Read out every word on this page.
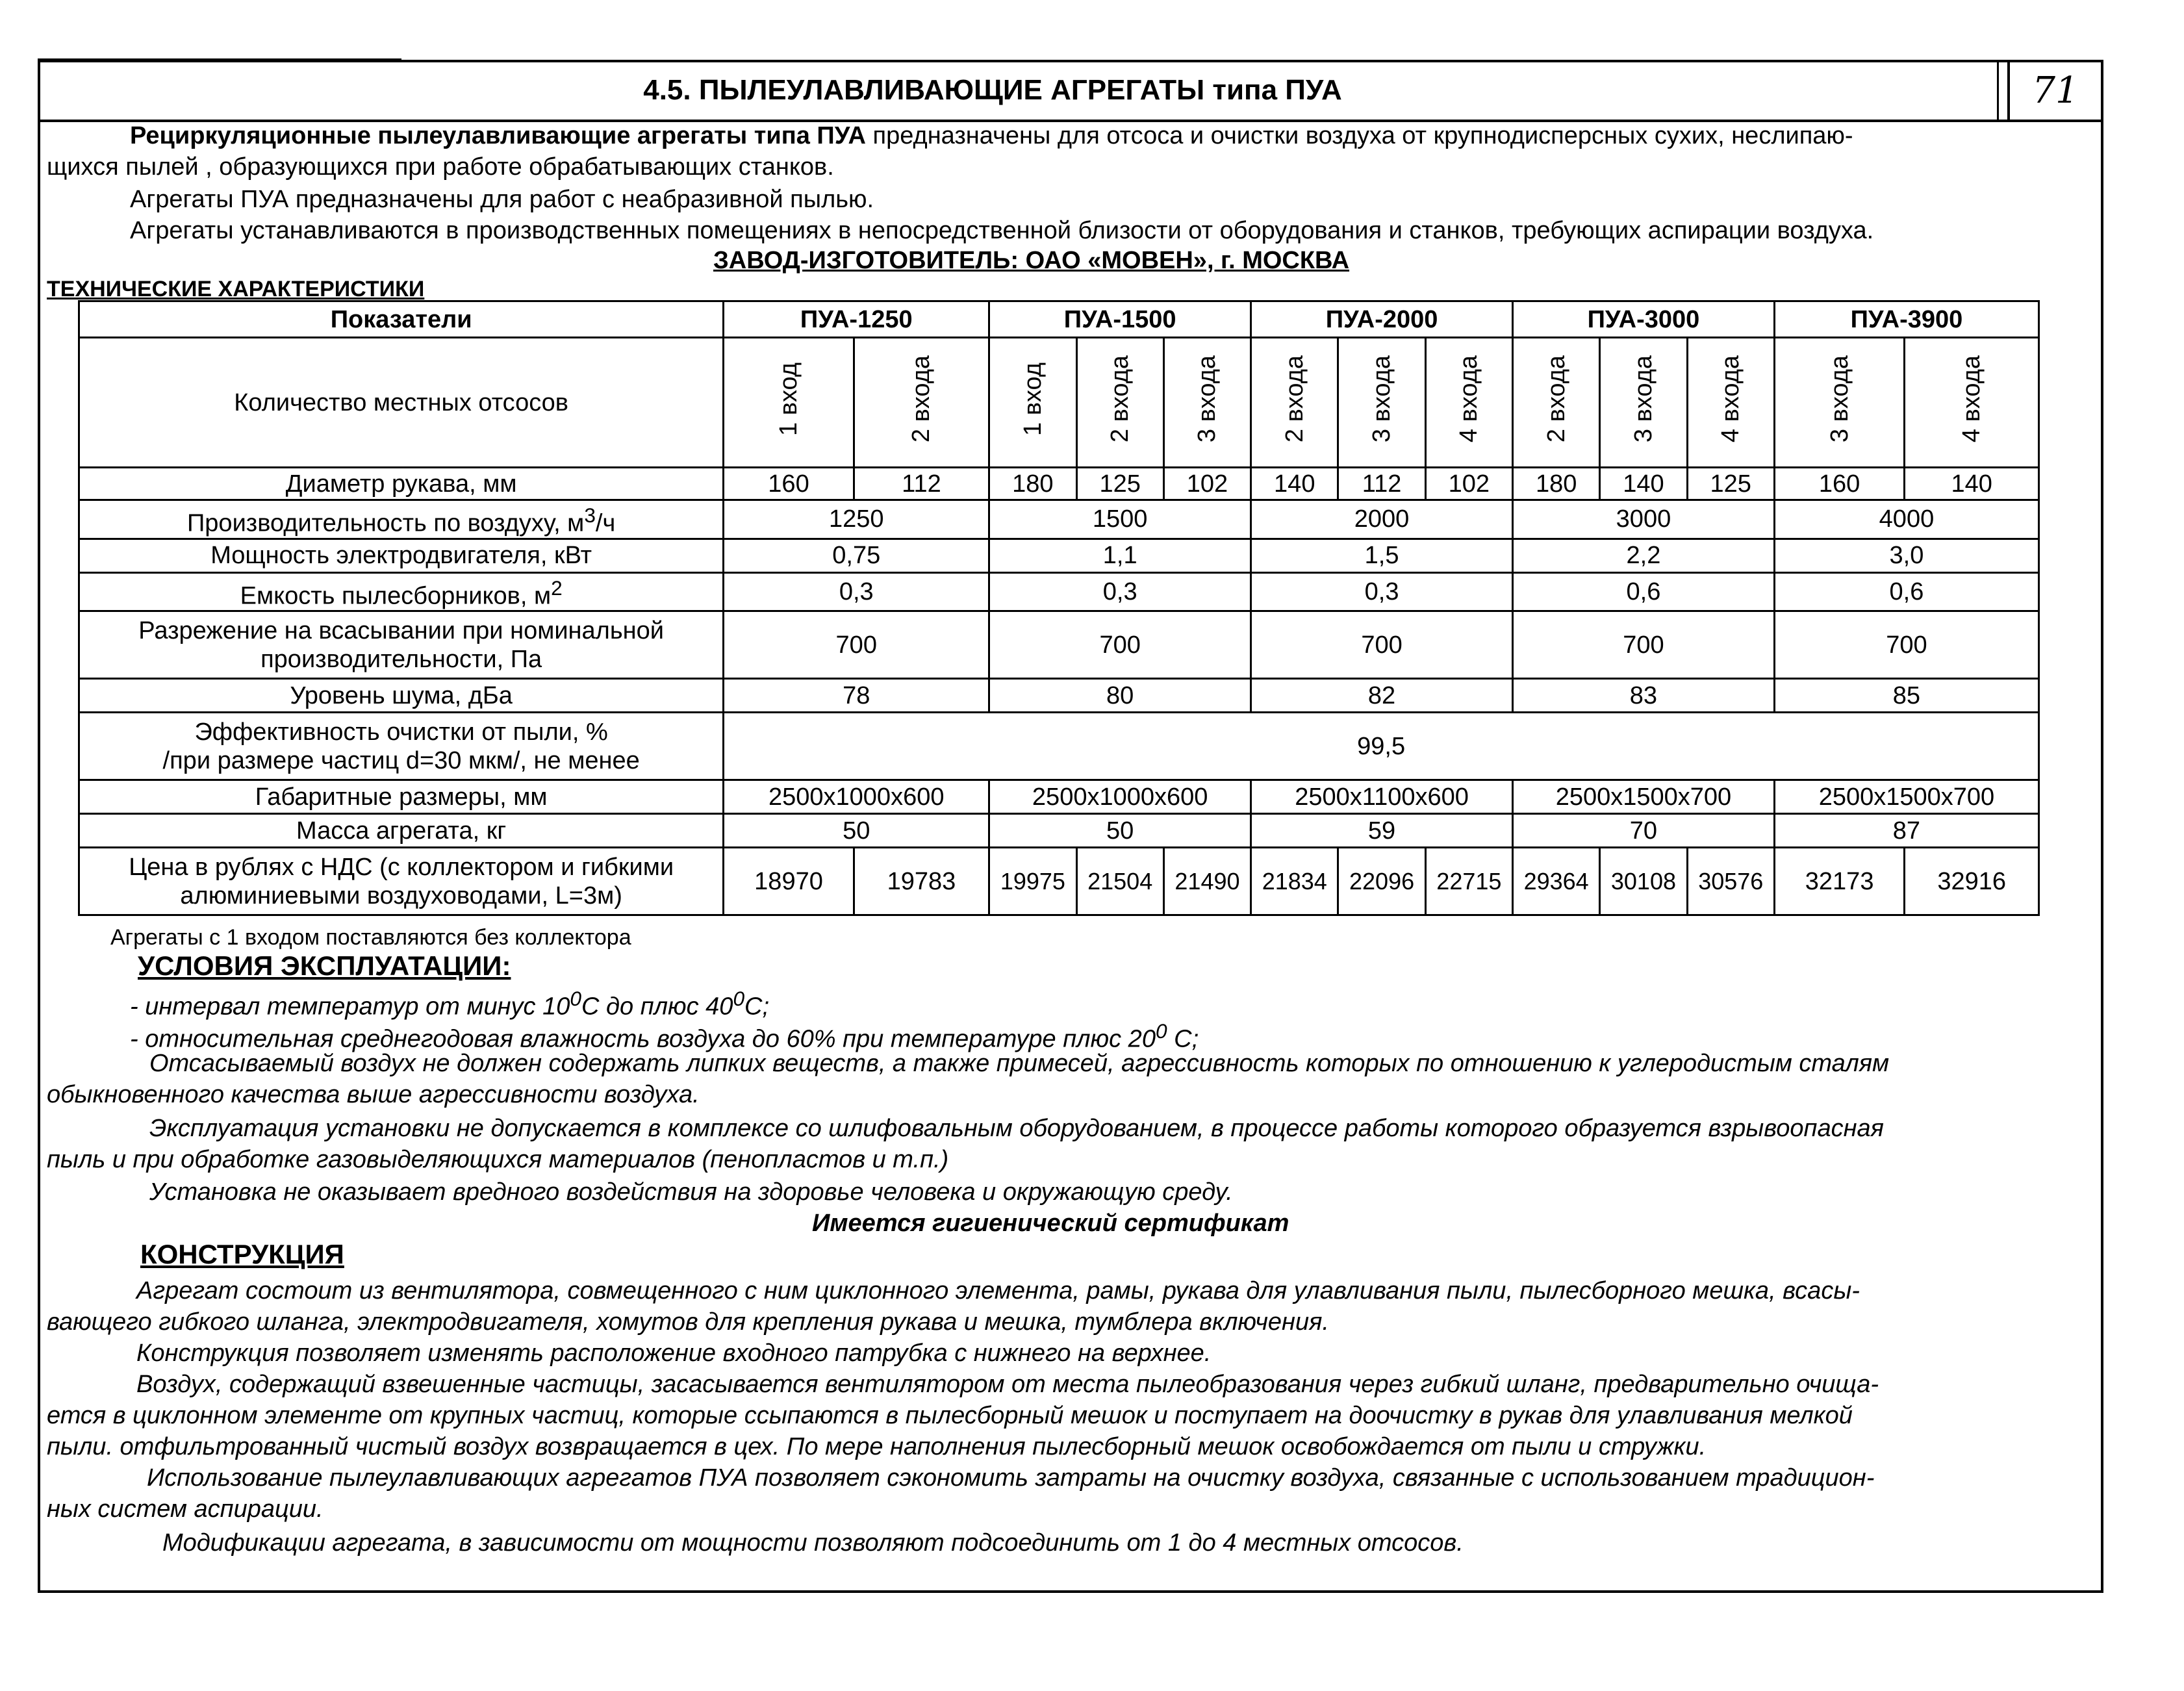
4.5. ПЫЛЕУЛАВЛИВАЮЩИЕ АГРЕГАТЫ типа ПУА	71
Рециркуляционные пылеулавливающие агрегаты типа ПУА предназначены для отсоса и очистки воздуха от крупнодисперсных сухих, неслипаю-
щихся пылей , образующихся при работе обрабатывающих станков.
Агрегаты ПУА предназначены для работ с неабразивной пылью.
Агрегаты устанавливаются в производственных помещениях в непосредственной близости от оборудования и станков, требующих аспирации воздуха.
ЗАВОД-ИЗГОТОВИТЕЛЬ: ОАО «МОВЕН», г. МОСКВА
ТЕХНИЧЕСКИЕ ХАРАКТЕРИСТИКИ
Показатели	ПУА-1250		ПУА-1500			ПУА-2000			ПУА-3000			ПУА-3900	
Количество местных отсосов	1 вход	2 входа	1 вход	2 входа	3 входа	2 входа	3 входа	4 входа	2 входа	3 входа	4 входа	3 входа	4 входа
Диаметр рукава, мм	160	112	180	125	102	140	112	102	180	140	125	160	140
Производительность по воздуху, $м^3/ч$	1250		1500			2000			3000			4000	
Мощность электродвигателя, кВт	0,75		1,1			1,5			2,2			3,0	
Емкость пылесборников, $м^2$	0,3		0,3			0,3			0,6			0,6	

Разрежение на всасывании при номинальной
производительности, Па	700		700			700			700			700	
Уровень шума, дБа	78		80			82			83			85	

Эффективность очистки от пыли, %
/при размере частиц d=30 мкм/, не менее	99,5												
Габаритные размеры, мм	2500x1000x600		2500x1000x600			2500x1100x600			2500x1500x700			2500x1500x700	
Масса агрегата, кг	50		50			59			70			87	

Цена в рублях с НДС (с коллектором и гибкими
алюминиевыми воздуховодами, L=3м)	18970	19783	19975	21504	21490	21834	22096	22715	29364	30108	30576	32173	32916
Агрегаты с 1 входом поставляются без коллектора
УСЛОВИЯ ЭКСПЛУАТАЦИИ:
- интервал температур от минус $10^0С$ до плюс $40^0С$;
- относительная среднегодовая влажность воздуха до 60% при температуре плюс $20^0$ С;
Отсасываемый воздух не должен содержать липких веществ, а также примесей, агрессивность которых по отношению к углеродистым сталям
обыкновенного качества выше агрессивности воздуха.
Эксплуатация установки не допускается в комплексе со шлифовальным оборудованием, в процессе работы которого образуется взрывоопасная
пыль и при обработке газовыделяющихся материалов (пенопластов и т.п.)
Установка не оказывает вредного воздействия на здоровье человека и окружающую среду.
Имеется гигиенический сертификат
КОНСТРУКЦИЯ
Агрегат состоит из вентилятора, совмещенного с ним циклонного элемента, рамы, рукава для улавливания пыли, пылесборного мешка, всасы-
вающего гибкого шланга, электродвигателя, хомутов для крепления рукава и мешка, тумблера включения.
Конструкция позволяет изменять расположение входного патрубка с нижнего на верхнее.
Воздух, содержащий взвешенные частицы, засасывается вентилятором от места пылеобразования через гибкий шланг, предварительно очища-
ется в циклонном элементе от крупных частиц, которые ссыпаются в пылесборный мешок и поступает на доочистку в рукав для улавливания мелкой
пыли. отфильтрованный чистый воздух возвращается в цех. По мере наполнения пылесборный мешок освобождается от пыли и стружки.
Использование пылеулавливающих агрегатов ПУА позволяет сэкономить затраты на очистку воздуха, связанные с использованием традицион-
ных систем аспирации.
Модификации агрегата, в зависимости от мощности позволяют подсоединить от 1 до 4 местных отсосов.
